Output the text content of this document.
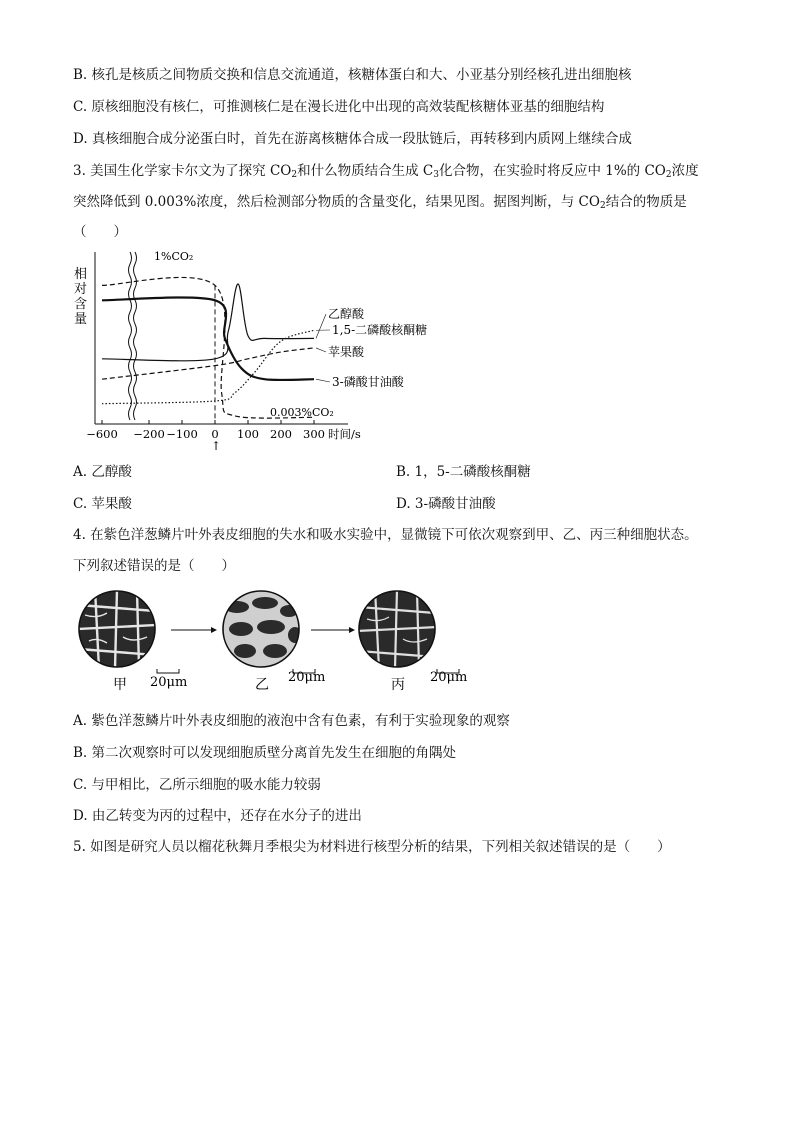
B. 核孔是核质之间物质交换和信息交流通道，核糖体蛋白和大、小亚基分别经核孔进出细胞核
C. 原核细胞没有核仁，可推测核仁是在漫长进化中出现的高效装配核糖体亚基的细胞结构
D. 真核细胞合成分泌蛋白时，首先在游离核糖体合成一段肽链后，再转移到内质网上继续合成
3. 美国生化学家卡尔文为了探究 $CO_2$和什么物质结合生成 $C_3$化合物，在实验时将反应中 1%的 $CO_2$浓度
突然降低到 0.003%浓度，然后检测部分物质的含量变化，结果见图。据图判断，与 $CO_2$结合的物质是
（　　）
相
对
含
量	乙醇酸
1,5-二磷酸核酮糖
苹果酸
3-磷酸甘油酸
1%CO₂
0.003%CO₂
↑
−600 −200 −100 0 100 200 300 时间/s
A. 乙醇酸	B. 1，5-二磷酸核酮糖
C. 苹果酸	D. 3-磷酸甘油酸
4. 在紫色洋葱鳞片叶外表皮细胞的失水和吸水实验中，显微镜下可依次观察到甲、乙、丙三种细胞状态。
下列叙述错误的是（　　）
20μm	20μm	20μm
甲	乙	丙
A. 紫色洋葱鳞片叶外表皮细胞的液泡中含有色素，有利于实验现象的观察
B. 第二次观察时可以发现细胞质壁分离首先发生在细胞的角隅处
C. 与甲相比，乙所示细胞的吸水能力较弱
D. 由乙转变为丙的过程中，还存在水分子的进出
5. 如图是研究人员以榴花秋舞月季根尖为材料进行核型分析的结果，下列相关叙述错误的是（　　）
